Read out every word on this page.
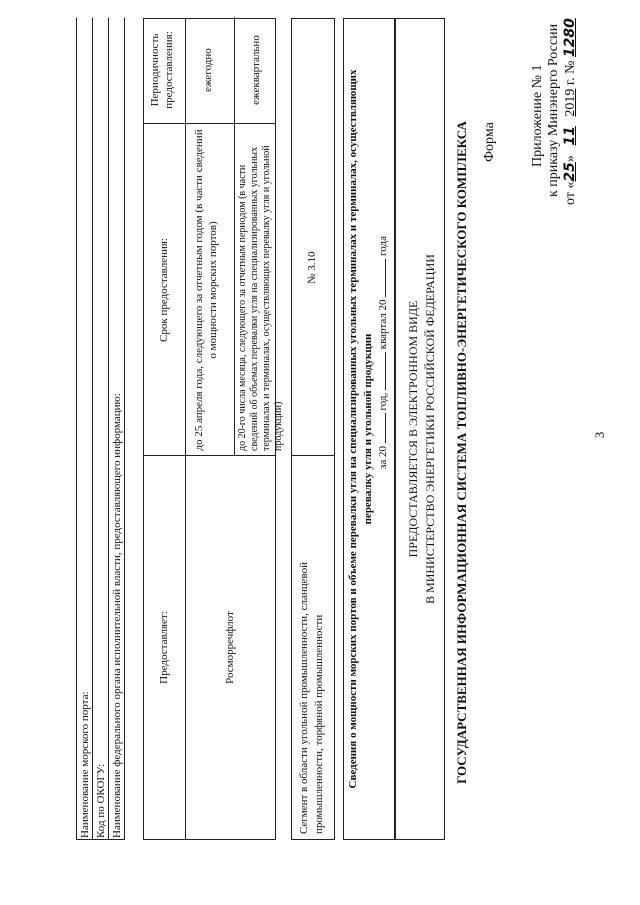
3
Приложение № 1 к приказу Минэнерго России
от «25» 11 2019 г. № 1280
Форма
ГОСУДАРСТВЕННАЯ ИНФОРМАЦИОННАЯ СИСТЕМА ТОПЛИВНО-ЭНЕРГЕТИЧЕСКОГО КОМПЛЕКСА
ПРЕДОСТАВЛЯЕТСЯ В ЭЛЕКТРОННОМ ВИДЕ В МИНИСТЕРСТВО ЭНЕРГЕТИКИ РОССИЙСКОЙ ФЕДЕРАЦИИ
Сведения о мощности морских портов и объеме перевалки угля на специализированных угольных терминалах и терминалах, осуществляющих перевалку угля и угольной продукции за 20  год,  квартал 20  года
Сегмент в области угольной промышленности, сланцевой промышленности, торфяной промышленности
№ 3.10
Предоставляет:
Срок предоставления:
Периодичность предоставления:
Росморречфлот
до 25 апреля года, следующего за отчетным годом (в части сведений о мощности морских портов)
ежегодно
до 20-го числа месяца, следующего за отчетным периодом (в части сведений об объемах перевалки угля на специализированных угольных терминалах и терминалах, осуществляющих перевалку угля и угольной продукции)
ежеквартально
Наименование федерального органа исполнительной власти, предоставляющего информацию:
Код по ОКОГУ:
Наименование морского порта:
